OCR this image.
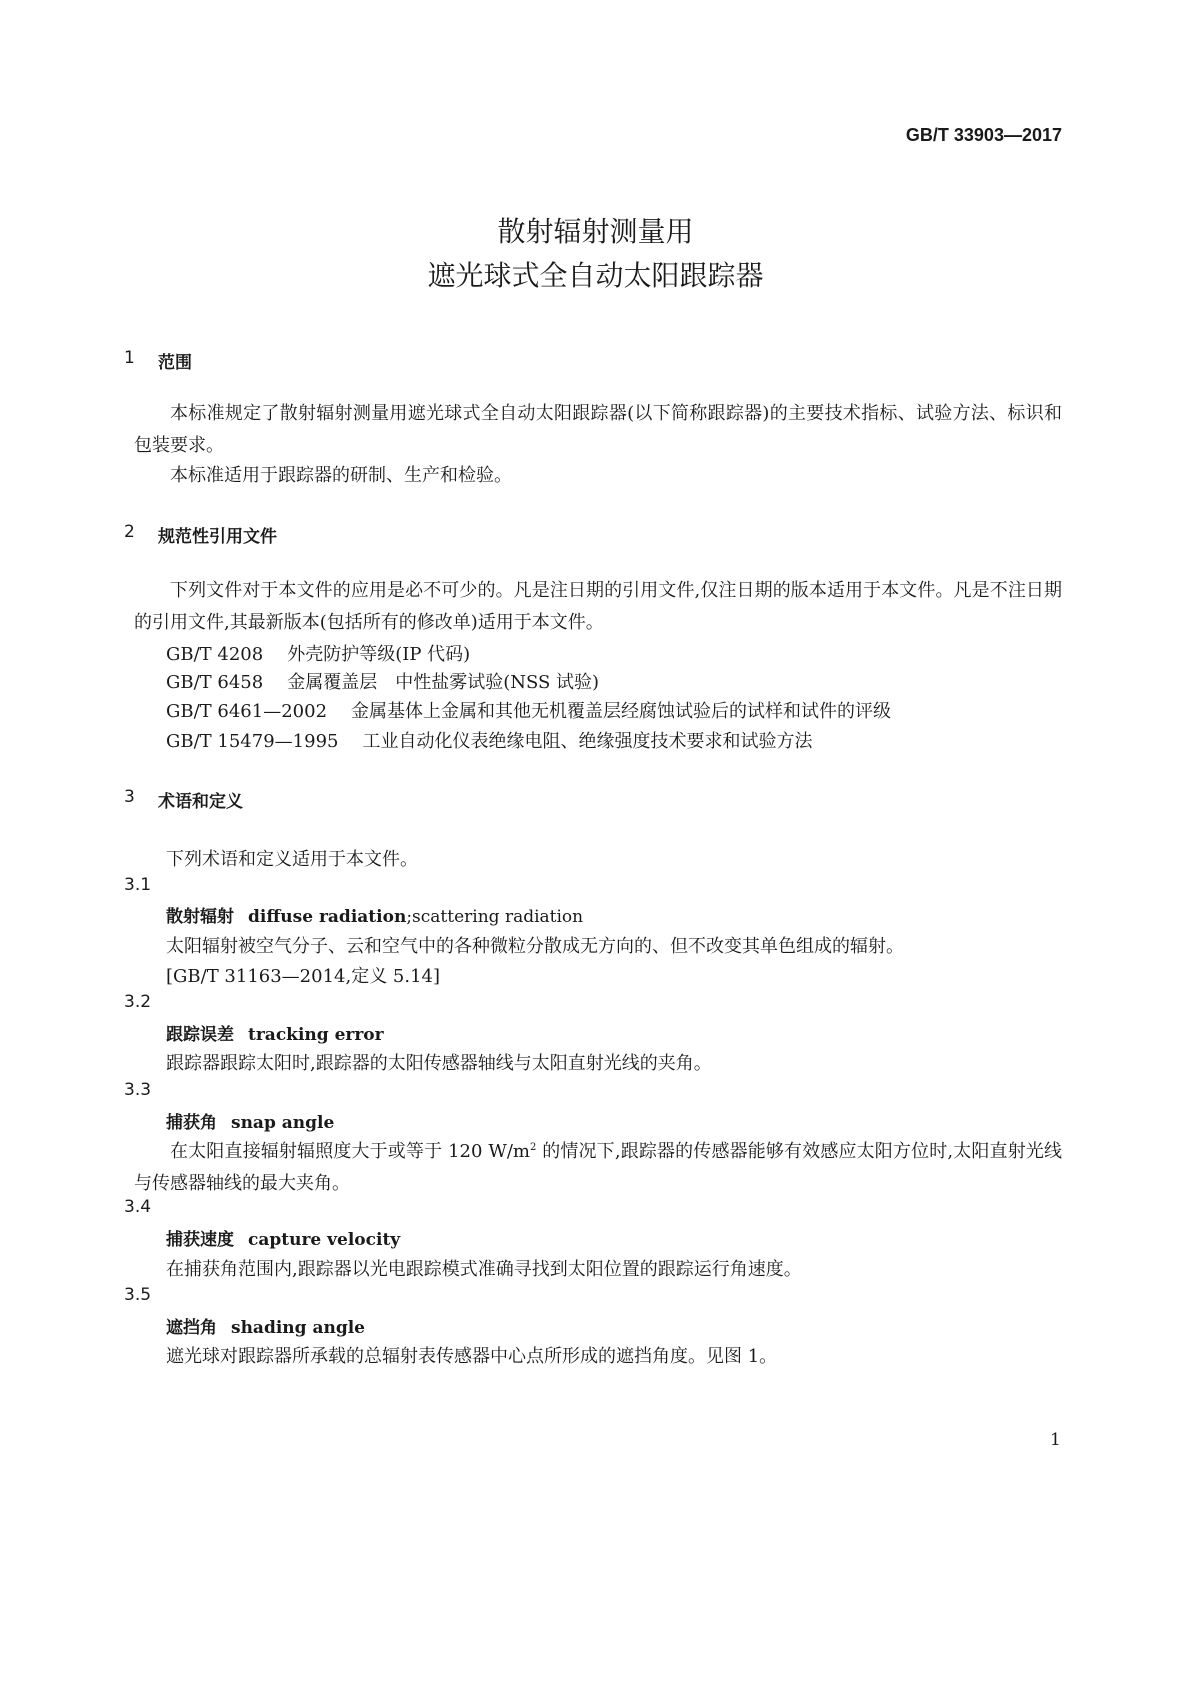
GB/T 33903—2017
散射辐射测量用
遮光球式全自动太阳跟踪器
1 范围
本标准规定了散射辐射测量用遮光球式全自动太阳跟踪器(以下简称跟踪器)的主要技术指标、试验方法、标识和包装要求。
本标准适用于跟踪器的研制、生产和检验。
2 规范性引用文件
下列文件对于本文件的应用是必不可少的。凡是注日期的引用文件,仅注日期的版本适用于本文件。凡是不注日期的引用文件,其最新版本(包括所有的修改单)适用于本文件。
GB/T 4208 外壳防护等级(IP 代码)
GB/T 6458 金属覆盖层　中性盐雾试验(NSS 试验)
GB/T 6461—2002 金属基体上金属和其他无机覆盖层经腐蚀试验后的试样和试件的评级
GB/T 15479—1995 工业自动化仪表绝缘电阻、绝缘强度技术要求和试验方法
3 术语和定义
下列术语和定义适用于本文件。
3.1
散射辐射 diffuse radiation;scattering radiation
太阳辐射被空气分子、云和空气中的各种微粒分散成无方向的、但不改变其单色组成的辐射。
[GB/T 31163—2014,定义 5.14]
3.2
跟踪误差 tracking error
跟踪器跟踪太阳时,跟踪器的太阳传感器轴线与太阳直射光线的夹角。
3.3
捕获角 snap angle
在太阳直接辐射辐照度大于或等于 120 $W/m^2$ 的情况下,跟踪器的传感器能够有效感应太阳方位时,太阳直射光线与传感器轴线的最大夹角。
3.4
捕获速度 capture velocity
在捕获角范围内,跟踪器以光电跟踪模式准确寻找到太阳位置的跟踪运行角速度。
3.5
遮挡角 shading angle
遮光球对跟踪器所承载的总辐射表传感器中心点所形成的遮挡角度。见图 1。
1
